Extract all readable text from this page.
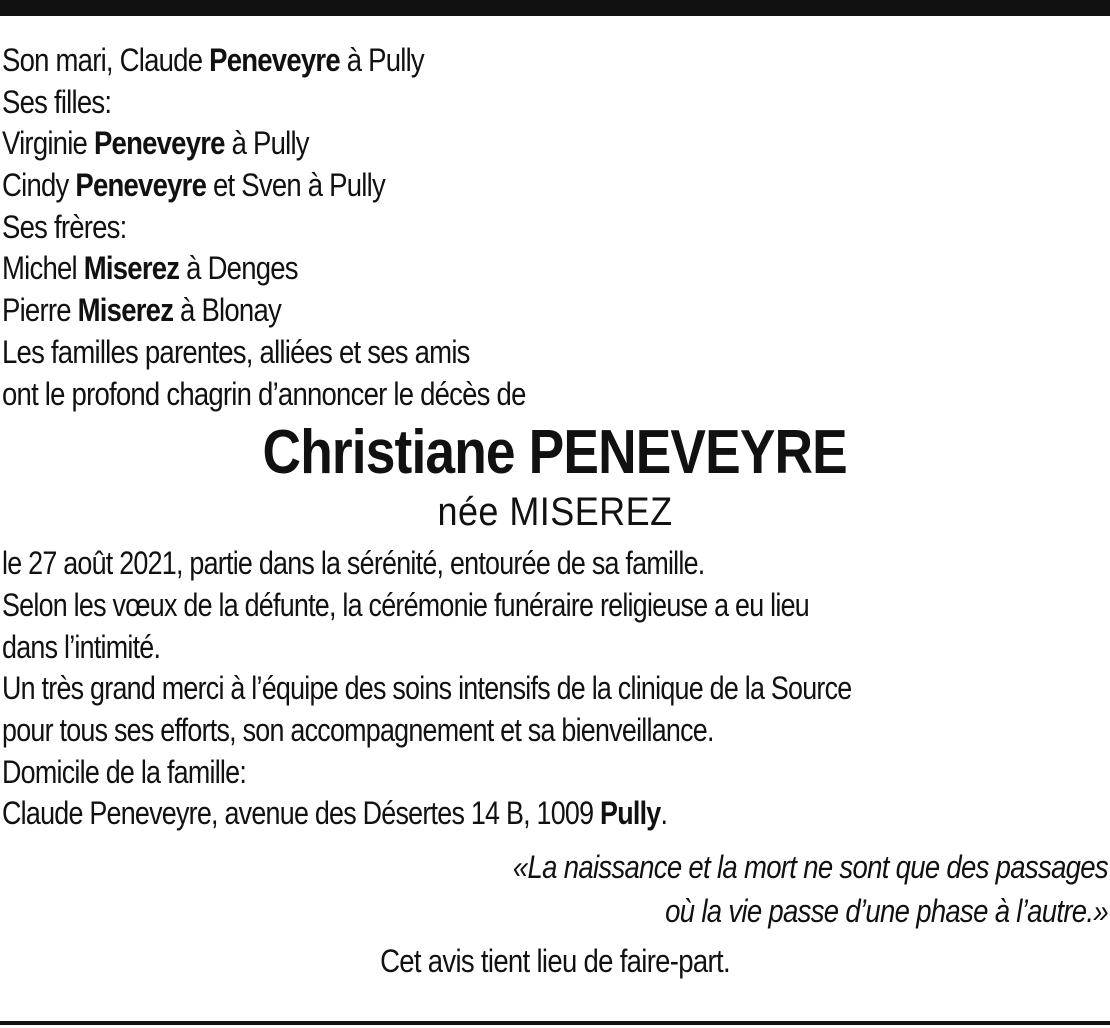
Son mari, Claude Peneveyre à Pully
Ses filles:
Virginie Peneveyre à Pully
Cindy Peneveyre et Sven à Pully
Ses frères:
Michel Miserez à Denges
Pierre Miserez à Blonay
Les familles parentes, alliées et ses amis
ont le profond chagrin d’annoncer le décès de
Christiane PENEVEYRE
née MISEREZ
le 27 août 2021, partie dans la sérénité, entourée de sa famille.
Selon les vœux de la défunte, la cérémonie funéraire religieuse a eu lieu
dans l’intimité.
Un très grand merci à l’équipe des soins intensifs de la clinique de la Source
pour tous ses efforts, son accompagnement et sa bienveillance.
Domicile de la famille:
Claude Peneveyre, avenue des Désertes 14 B, 1009 Pully.
«La naissance et la mort ne sont que des passages
où la vie passe d’une phase à l’autre.»
Cet avis tient lieu de faire-part.
